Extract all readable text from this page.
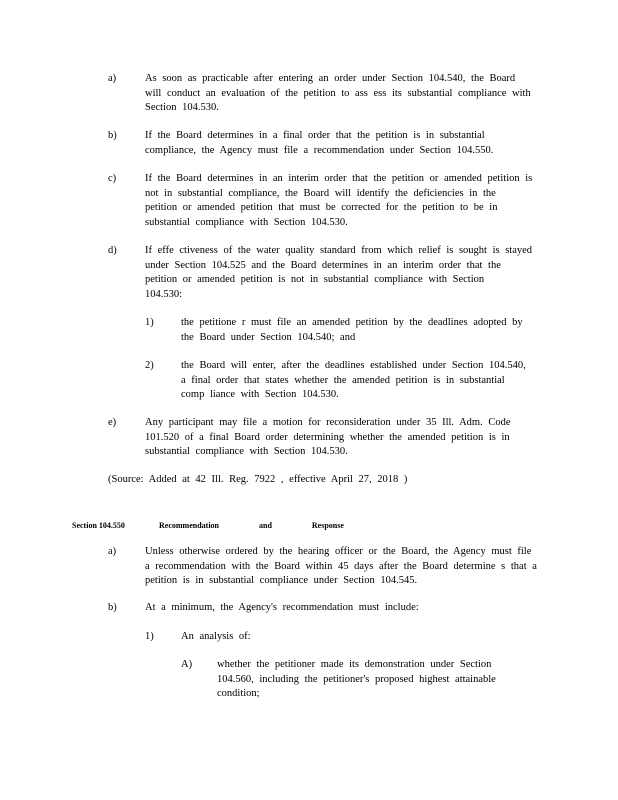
a)	As soon as practicable after entering an order under Section 104.540, the Board

will conduct an evaluation of the petition to ass ess its substantial compliance with

Section 104.530.

b)	If the Board determines in a final order that the petition is in substantial

compliance, the Agency must file a recommendation under Section 104.550.

c)	If the Board determines in an interim order that the petition or amended petition is

not in substantial compliance, the Board will identify the deficiencies in the

petition or amended petition that must be corrected for the petition to be in

substantial compliance with Section 104.530.

d)	If effe ctiveness of the water quality standard from which relief is sought is stayed

under Section 104.525 and the Board determines in an interim order that the

petition or amended petition is not in substantial compliance with Section

104.530:

1)	the petitione r must file an amended petition by the deadlines adopted by

the Board under Section 104.540; and

2)	the Board will enter, after the deadlines established under Section 104.540,

a final order that states whether the amended petition is in substantial

comp liance with Section 104.530.

e)	Any participant may file a motion for reconsideration under 35 Ill. Adm. Code

101.520 of a final Board order determining whether the amended petition is in

substantial compliance with Section 104.530.

(Source: Added at 42 Ill. Reg. 7922 , effective April 27, 2018 )
Section 104.550	Recommendation and Response
a)	Unless otherwise ordered by the hearing officer or the Board, the Agency must file

a recommendation with the Board within 45 days after the Board determine s that a

petition is in substantial compliance under Section 104.545.

b)	At a minimum, the Agency's recommendation must include:

1)	An analysis of:

A) whether the petitioner made its demonstration under Section

104.560, including the petitioner's proposed highest attainable

condition;
